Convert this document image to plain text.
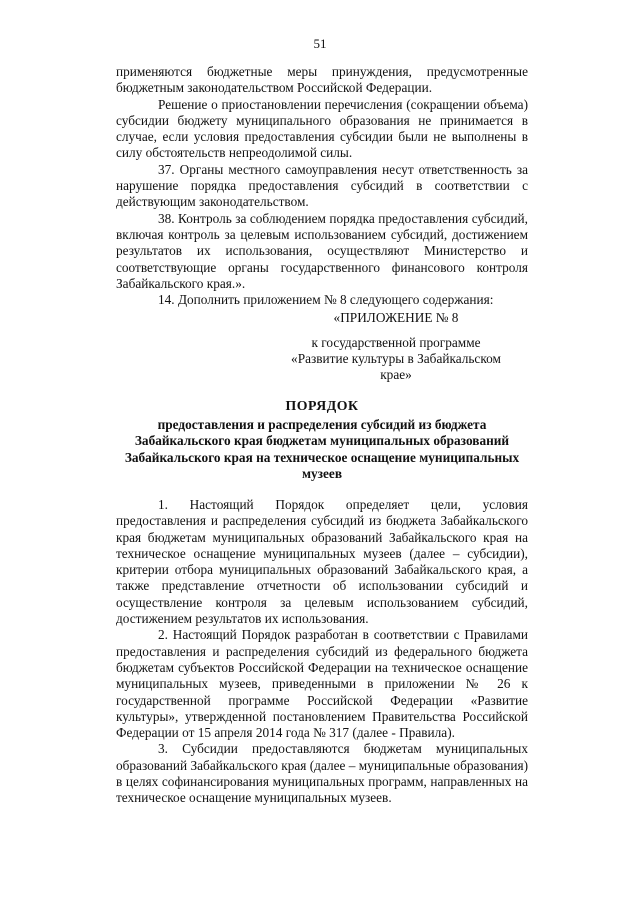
51

применяются бюджетные меры принуждения, предусмотренные бюджетным законодательством Российской Федерации.

Решение о приостановлении перечисления (сокращении объема) субсидии бюджету муниципального образования не принимается в случае, если условия предоставления субсидии были не выполнены в силу обстоятельств непреодолимой силы.

37. Органы местного самоуправления несут ответственность за нарушение порядка предоставления субсидий в соответствии с действующим законодательством.

38. Контроль за соблюдением порядка предоставления субсидий, включая контроль за целевым использованием субсидий, достижением результатов их использования, осуществляют Министерство и соответствующие органы государственного финансового контроля Забайкальского края.».

14. Дополнить приложением № 8 следующего содержания:

«ПРИЛОЖЕНИЕ № 8

к государственной программе

«Развитие культуры в Забайкальском

крае»

ПОРЯДОК

предоставления и распределения субсидий из бюджета Забайкальского края бюджетам муниципальных образований Забайкальского края на техническое оснащение муниципальных музеев

1. Настоящий Порядок определяет цели, условия предоставления и распределения субсидий из бюджета Забайкальского края бюджетам муниципальных образований Забайкальского края на техническое оснащение муниципальных музеев (далее – субсидии), критерии отбора муниципальных образований Забайкальского края, а также представление отчетности об использовании субсидий и осуществление контроля за целевым использованием субсидий, достижением результатов их использования.

2. Настоящий Порядок разработан в соответствии с Правилами предоставления и распределения субсидий из федерального бюджета бюджетам субъектов Российской Федерации на техническое оснащение муниципальных музеев, приведенными в приложении № 26 к государственной программе Российской Федерации «Развитие культуры», утвержденной постановлением Правительства Российской Федерации от 15 апреля 2014 года № 317 (далее - Правила).

3. Субсидии предоставляются бюджетам муниципальных образований Забайкальского края (далее – муниципальные образования) в целях софинансирования муниципальных программ, направленных на техническое оснащение муниципальных музеев.
